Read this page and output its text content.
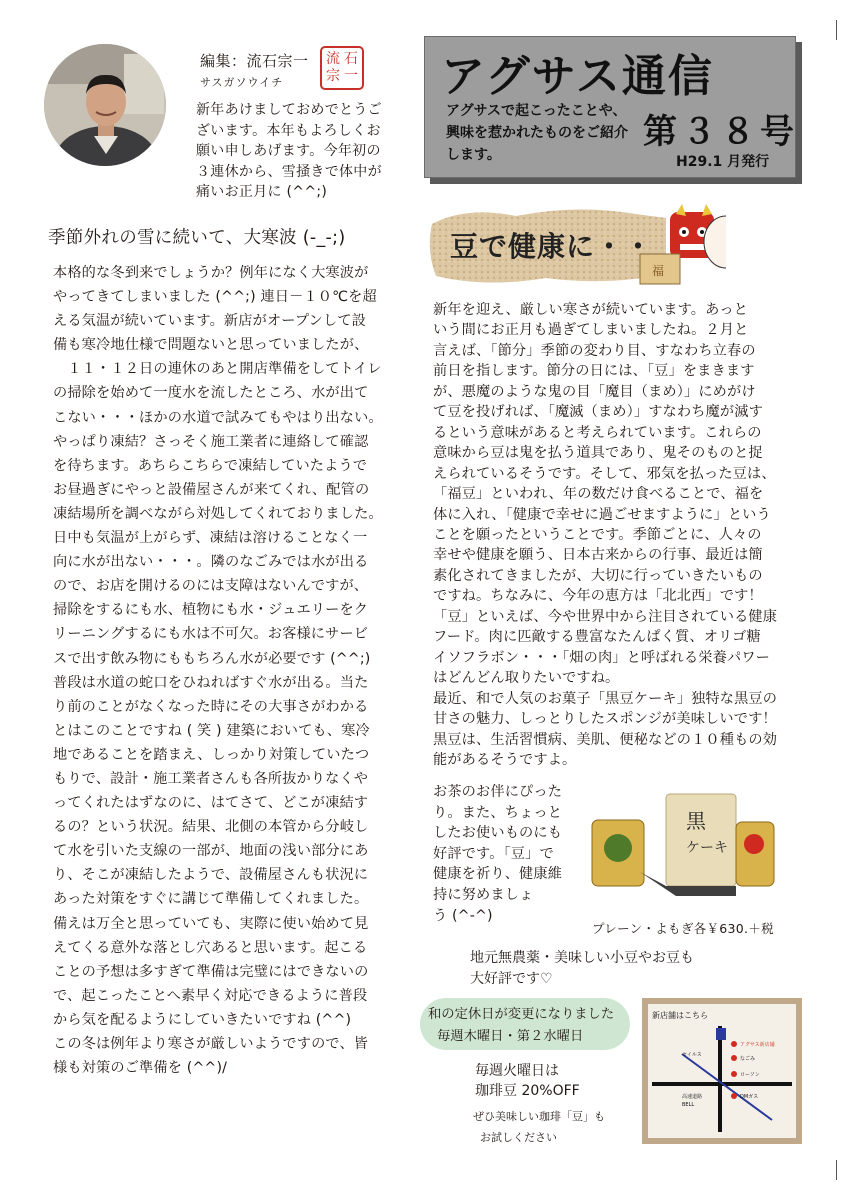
編集：流石宗一
サスガソウイチ
流 石
宗 一
新年あけましておめでとうございます。本年もよろしくお願い申しあげます。今年初の３連休から、雪掻きで体中が痛いお正月に (^^;)
アグサス通信
アグサスで起こったことや、興味を惹かれたものをご紹介します。
第３８号
H29.1 月発行
季節外れの雪に続いて、大寒波 (-_-;)
本格的な冬到来でしょうか？例年になく大寒波が
やってきてしまいました (^^;) 連日－１０℃を超
える気温が続いています。新店がオープンして設
備も寒冷地仕様で問題ないと思っていましたが、
　１１・１２日の連休のあと開店準備をしてトイレ
の掃除を始めて一度水を流したところ、水が出て
こない・・・ほかの水道で試みてもやはり出ない。
やっぱり凍結？さっそく施工業者に連絡して確認
を待ちます。あちらこちらで凍結していたようで
お昼過ぎにやっと設備屋さんが来てくれ、配管の
凍結場所を調べながら対処してくれておりました。
日中も気温が上がらず、凍結は溶けることなく一
向に水が出ない・・・。隣のなごみでは水が出る
ので、お店を開けるのには支障はないんですが、
掃除をするにも水、植物にも水・ジュエリーをク
リーニングするにも水は不可欠。お客様にサービ
スで出す飲み物にももちろん水が必要です (^^;)
普段は水道の蛇口をひねればすぐ水が出る。当た
り前のことがなくなった時にその大事さがわかる
とはこのことですね ( 笑 ) 建築においても、寒冷
地であることを踏まえ、しっかり対策していたつ
もりで、設計・施工業者さんも各所抜かりなくや
ってくれたはずなのに、はてさて、どこが凍結す
るの？という状況。結果、北側の本管から分岐し
て水を引いた支線の一部が、地面の浅い部分にあ
り、そこが凍結したようで、設備屋さんも状況に
あった対策をすぐに講じて準備してくれました。
備えは万全と思っていても、実際に使い始めて見
えてくる意外な落とし穴あると思います。起こる
ことの予想は多すぎて準備は完璧にはできないの
で、起こったことへ素早く対応できるように普段
から気を配るようにしていきたいですね (^^)
この冬は例年より寒さが厳しいようですので、皆
様も対策のご準備を (^^)/
福
豆で健康に・・
新年を迎え、厳しい寒さが続いています。あっと
いう間にお正月も過ぎてしまいましたね。２月と
言えば、「節分」季節の変わり目、すなわち立春の
前日を指します。節分の日には、「豆」をまきます
が、悪魔のような鬼の目「魔目（まめ）」にめがけ
て豆を投げれば、「魔滅（まめ）」すなわち魔が滅す
るという意味があると考えられています。これらの
意味から豆は鬼を払う道具であり、鬼そのものと捉
えられているそうです。そして、邪気を払った豆は、
「福豆」といわれ、年の数だけ食べることで、福を
体に入れ、「健康で幸せに過ごせますように」という
ことを願ったということです。季節ごとに、人々の
幸せや健康を願う、日本古来からの行事、最近は簡
素化されてきましたが、大切に行っていきたいもの
ですね。ちなみに、今年の恵方は「北北西」です！
「豆」といえば、今や世界中から注目されている健康
フード。肉に匹敵する豊富なたんぱく質、オリゴ糖
イソフラボン・・・「畑の肉」と呼ばれる栄養パワー
はどんどん取りたいですね。
最近、和で人気のお菓子「黒豆ケーキ」独特な黒豆の
甘さの魅力、しっとりしたスポンジが美味しいです！
黒豆は、生活習慣病、美肌、便秘などの１０種もの効
能があるそうですよ。
お茶のお伴にぴった
り。また、ちょっと
したお使いものにも
好評です。「豆」で
健康を祈り、健康維
持に努めましょ
う (^-^)
黒
ケーキ
プレーン・よもぎ各￥630.＋税
地元無農薬・美味しい小豆やお豆も
大好評です♡
和の定休日が変更になりました
毎週木曜日・第２水曜日
毎週火曜日は
珈琲豆 20%OFF
ぜひ美味しい珈琲「豆」も
お試しください
新店舗はこちら
セイルス
アグサス新店舗
なごみ
ローソン
DMガス
高速道路
BELL
